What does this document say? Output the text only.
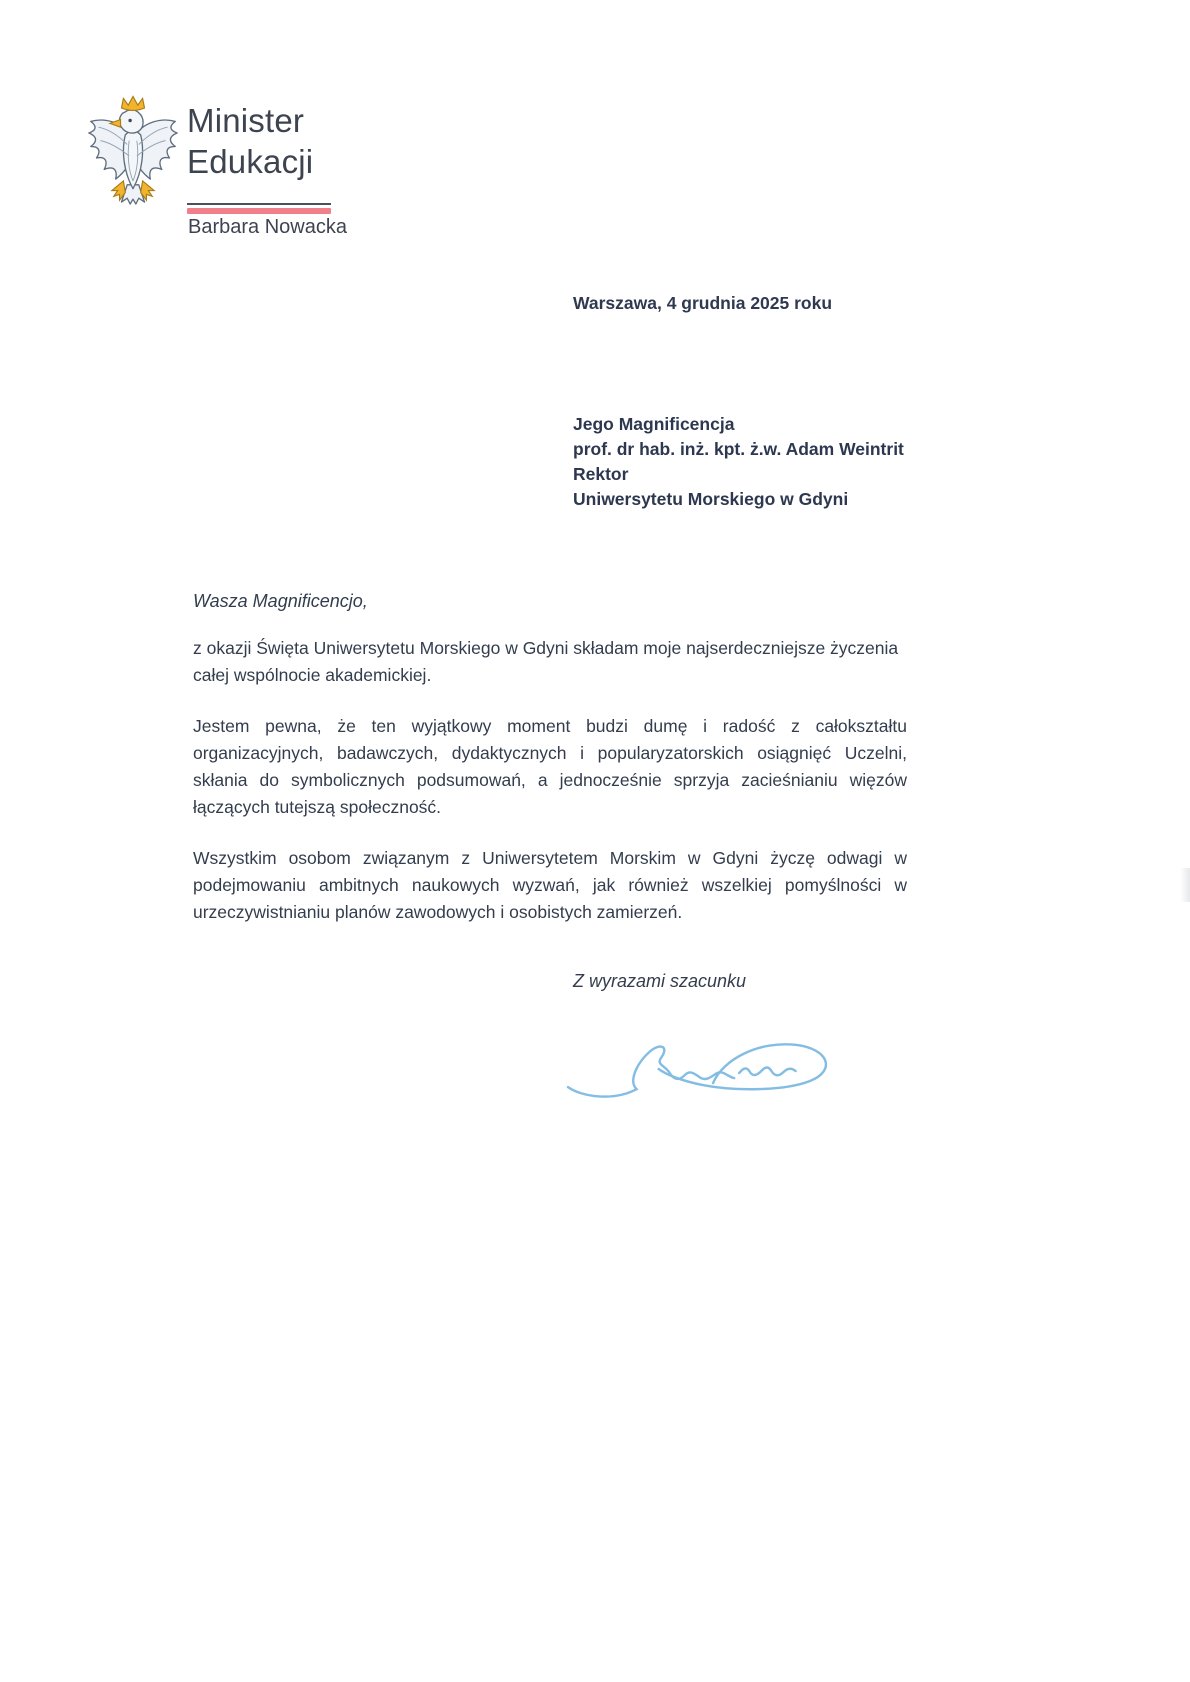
Minister
Edukacji
Barbara Nowacka
Warszawa, 4 grudnia 2025 roku
Jego Magnificencja
prof. dr hab. inż. kpt. ż.w. Adam Weintrit
Rektor
Uniwersytetu Morskiego w Gdyni
Wasza Magnificencjo,

z okazji Święta Uniwersytetu Morskiego w Gdyni składam moje najserdeczniejsze życzenia całej wspólnocie akademickiej.

Jestem pewna, że ten wyjątkowy moment budzi dumę i radość z całokształtu organizacyjnych, badawczych, dydaktycznych i popularyzatorskich osiągnięć Uczelni, skłania do symbolicznych podsumowań, a jednocześnie sprzyja zacieśnianiu więzów łączących tutejszą społeczność.

Wszystkim osobom związanym z Uniwersytetem Morskim w Gdyni życzę odwagi w podejmowaniu ambitnych naukowych wyzwań, jak również wszelkiej pomyślności w urzeczywistnianiu planów zawodowych i osobistych zamierzeń.

Z wyrazami szacunku
